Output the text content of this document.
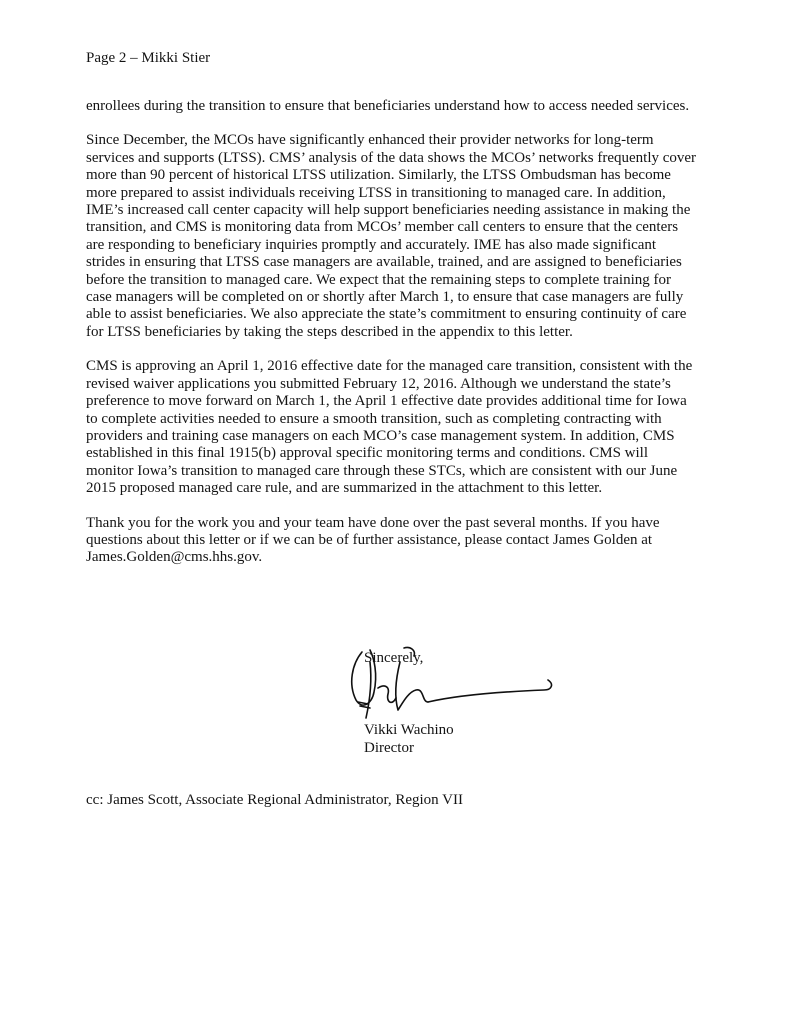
Page 2 – Mikki Stier

enrollees during the transition to ensure that beneficiaries understand how to access needed services.

Since December, the MCOs have significantly enhanced their provider networks for long-term services and supports (LTSS). CMS’ analysis of the data shows the MCOs’ networks frequently cover more than 90 percent of historical LTSS utilization. Similarly, the LTSS Ombudsman has become more prepared to assist individuals receiving LTSS in transitioning to managed care. In addition, IME’s increased call center capacity will help support beneficiaries needing assistance in making the transition, and CMS is monitoring data from MCOs’ member call centers to ensure that the centers are responding to beneficiary inquiries promptly and accurately. IME has also made significant strides in ensuring that LTSS case managers are available, trained, and are assigned to beneficiaries before the transition to managed care. We expect that the remaining steps to complete training for case managers will be completed on or shortly after March 1, to ensure that case managers are fully able to assist beneficiaries. We also appreciate the state’s commitment to ensuring continuity of care for LTSS beneficiaries by taking the steps described in the appendix to this letter.

CMS is approving an April 1, 2016 effective date for the managed care transition, consistent with the revised waiver applications you submitted February 12, 2016. Although we understand the state’s preference to move forward on March 1, the April 1 effective date provides additional time for Iowa to complete activities needed to ensure a smooth transition, such as completing contracting with providers and training case managers on each MCO’s case management system. In addition, CMS established in this final 1915(b) approval specific monitoring terms and conditions. CMS will monitor Iowa’s transition to managed care through these STCs, which are consistent with our June 2015 proposed managed care rule, and are summarized in the attachment to this letter.

Thank you for the work you and your team have done over the past several months. If you have questions about this letter or if we can be of further assistance, please contact James Golden at James.Golden@cms.hhs.gov.

Sincerely,
Vikki Wachino
Director
cc: James Scott, Associate Regional Administrator, Region VII
